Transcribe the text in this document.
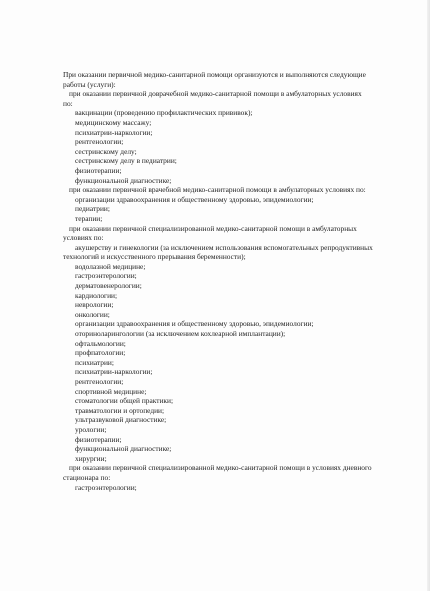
При оказании первичной медико-санитарной помощи организуются и выполняются следующие
работы (услуги):
при оказании первичной доврачебной медико-санитарной помощи в амбулаторных условиях
по:
вакцинации (проведению профилактических прививок);
медицинскому массажу;
психиатрии-наркологии;
рентгенологии;
сестринскому делу;
сестринскому делу в педиатрии;
физиотерапии;
функциональной диагностике;
при оказании первичной врачебной медико-санитарной помощи в амбулаторных условиях по:
организации здравоохранения и общественному здоровью, эпидемиологии;
педиатрии;
терапии;
при оказании первичной специализированной медико-санитарной помощи в амбулаторных
условиях по:
акушерству и гинекологии (за исключением использования вспомогательных репродуктивных
технологий и искусственного прерывания беременности);
водолазной медицине;
гастроэнтерологии;
дерматовенерологии;
кардиологии;
неврологии;
онкологии;
организации здравоохранения и общественному здоровью, эпидемиологии;
оториноларингологии (за исключением кохлеарной имплантации);
офтальмологии;
профпатологии;
психиатрии;
психиатрии-наркологии;
рентгенологии;
спортивной медицине;
стоматологии общей практики;
травматологии и ортопедии;
ультразвуковой диагностике;
урологии;
физиотерапии;
функциональной диагностике;
хирургии;
при оказании первичной специализированной медико-санитарной помощи в условиях дневного
стационара по:
гастроэнтерологии;
